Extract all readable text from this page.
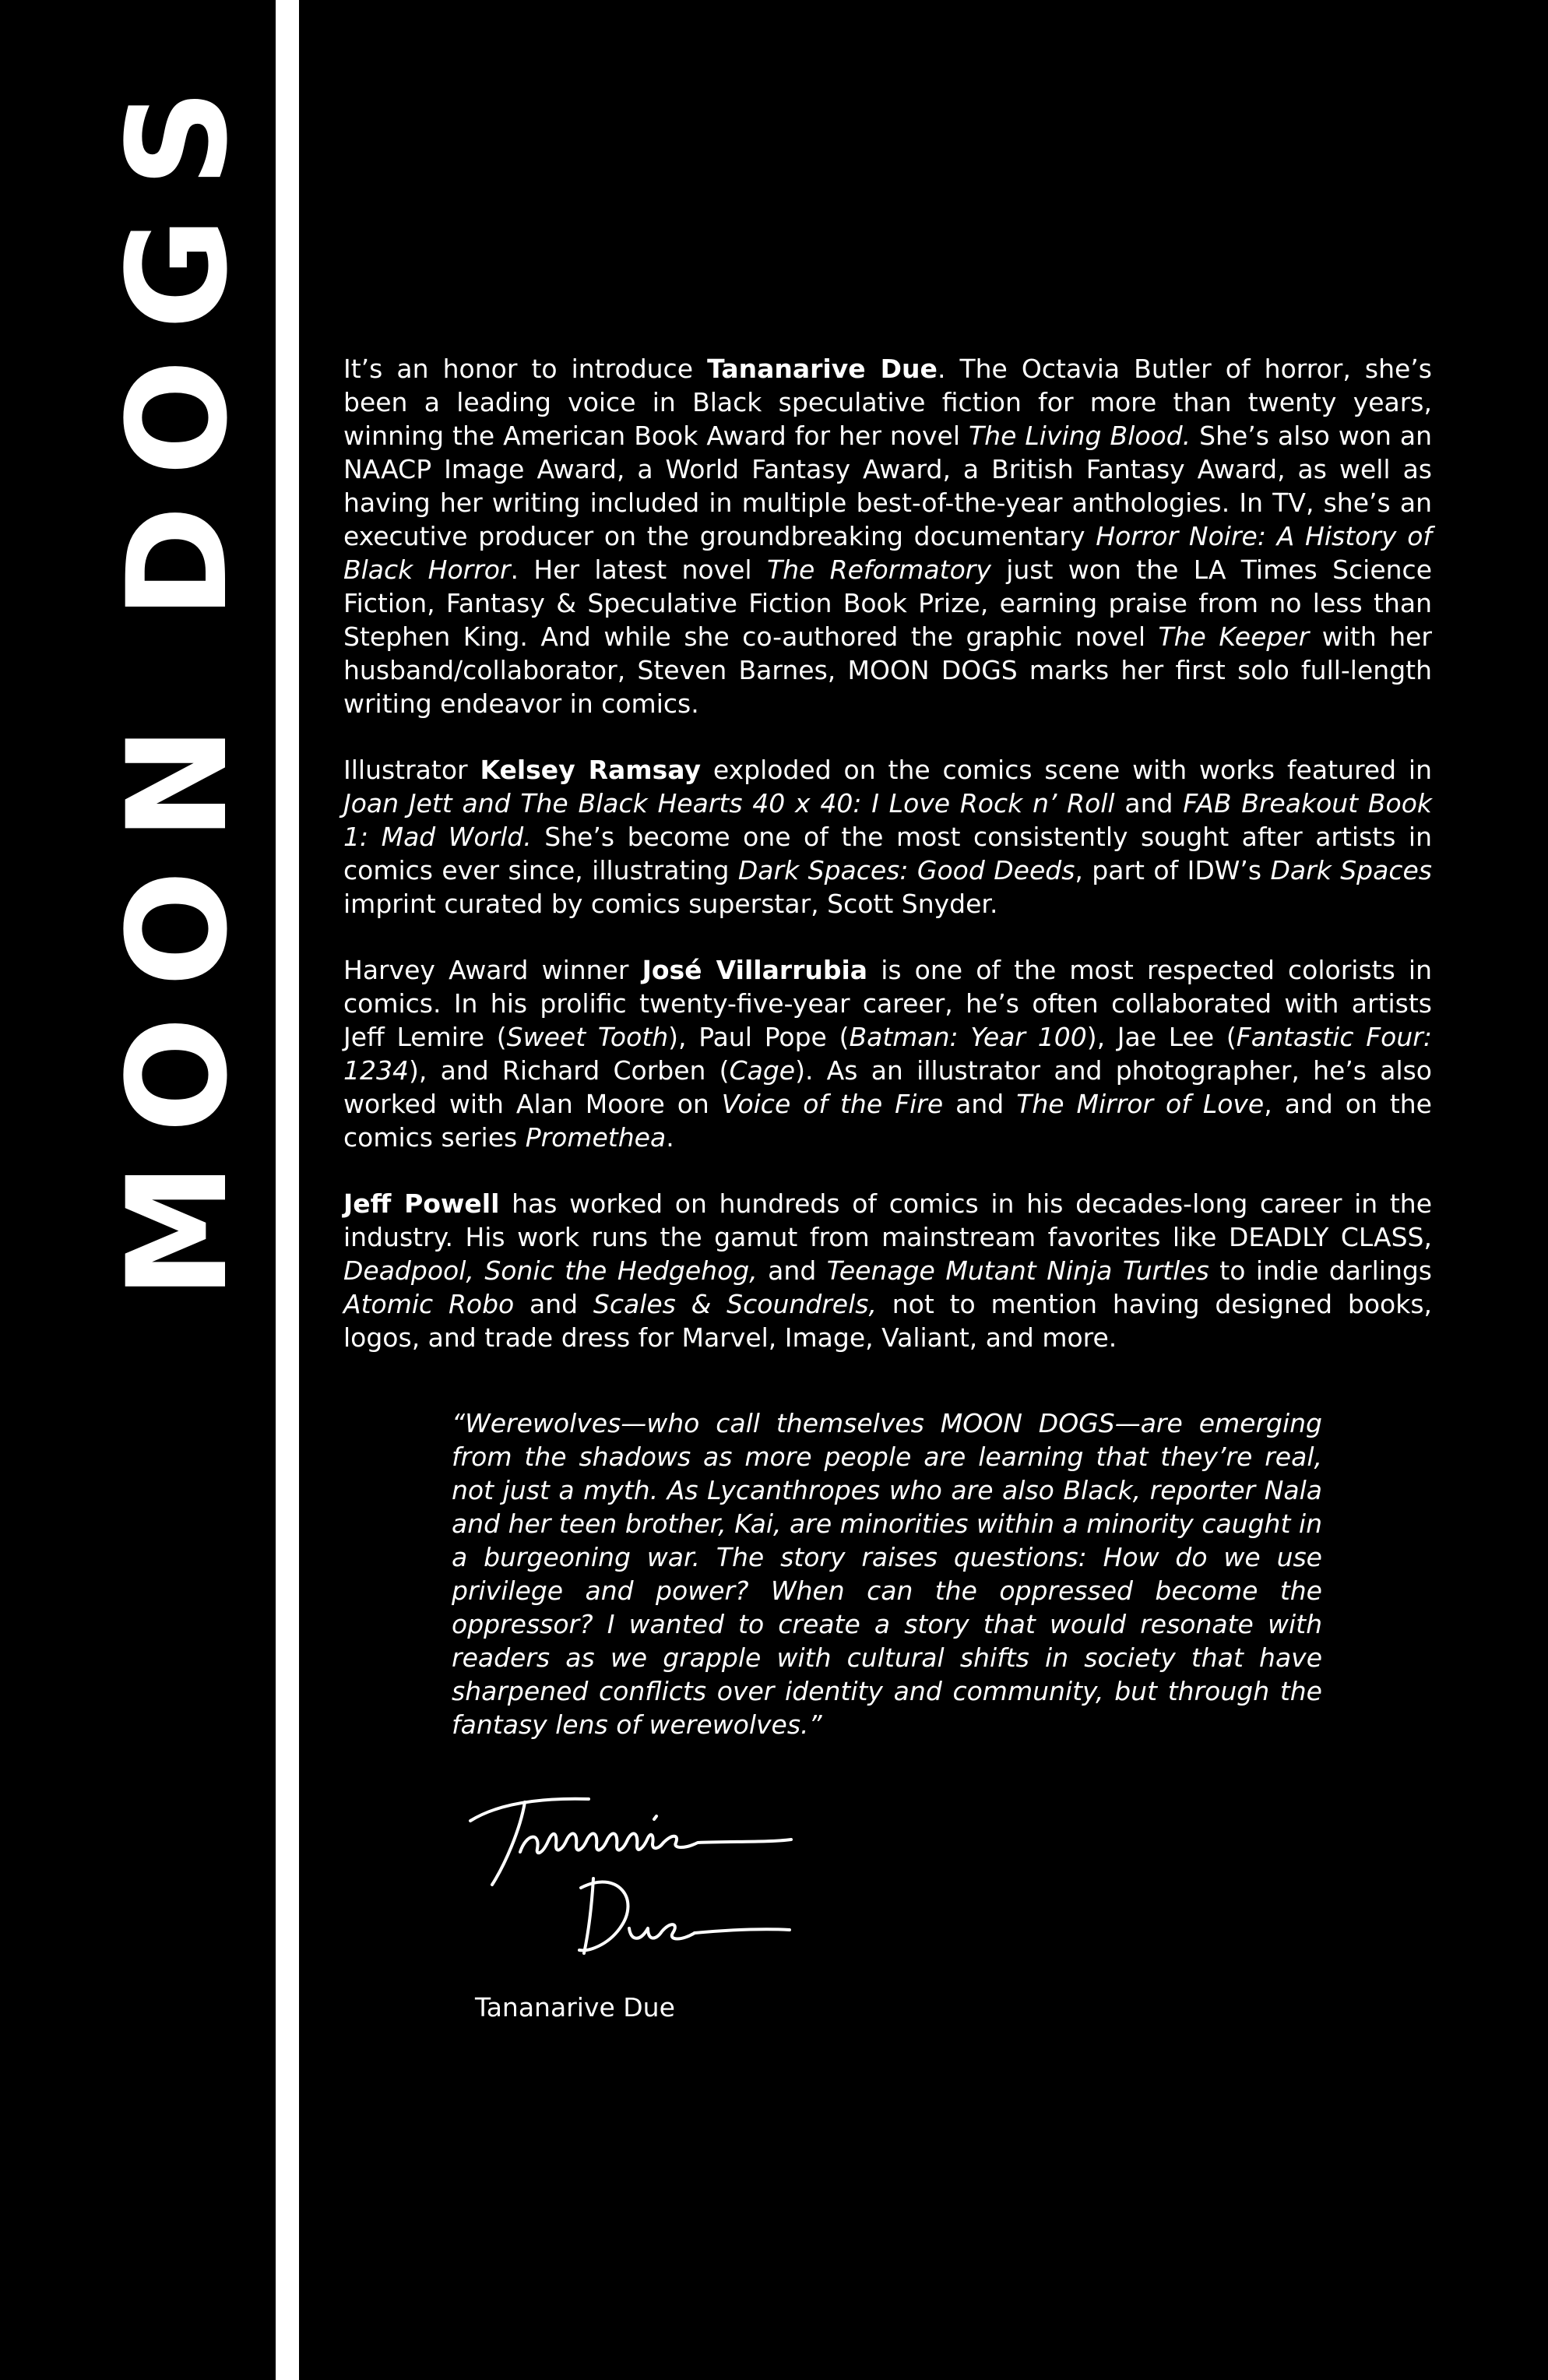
MOON DOGS	It’s an honor to introduce Tananarive Due. The Octavia Butler of horror, she’s been a leading voice in Black speculative fiction for more than twenty years, winning the American Book Award for her novel The Living Blood. She’s also won an NAACP Image Award, a World Fantasy Award, a British Fantasy Award, as well as having her writing included in multiple best-of-the-year anthologies. In TV, she’s an executive producer on the groundbreaking documentary Horror Noire: A History of Black Horror. Her latest novel The Reformatory just won the LA Times Science Fiction, Fantasy & Speculative Fiction Book Prize, earning praise from no less than Stephen King. And while she co-authored the graphic novel The Keeper with her husband/collaborator, Steven Barnes, MOON DOGS marks her first solo full-length writing endeavor in comics.

Illustrator Kelsey Ramsay exploded on the comics scene with works featured in Joan Jett and The Black Hearts 40 x 40: I Love Rock n’ Roll and FAB Breakout Book 1: Mad World. She’s become one of the most consistently sought after artists in comics ever since, illustrating Dark Spaces: Good Deeds, part of IDW’s Dark Spaces imprint curated by comics superstar, Scott Snyder.

Harvey Award winner José Villarrubia is one of the most respected colorists in comics. In his prolific twenty-five-year career, he’s often collaborated with artists Jeff Lemire (Sweet Tooth), Paul Pope (Batman: Year 100), Jae Lee (Fantastic Four: 1234), and Richard Corben (Cage). As an illustrator and photographer, he’s also worked with Alan Moore on Voice of the Fire and The Mirror of Love, and on the comics series Promethea.

Jeff Powell has worked on hundreds of comics in his decades-long career in the industry. His work runs the gamut from mainstream favorites like DEADLY CLASS, Deadpool, Sonic the Hedgehog, and Teenage Mutant Ninja Turtles to indie darlings Atomic Robo and Scales & Scoundrels, not to mention having designed books, logos, and trade dress for Marvel, Image, Valiant, and more.

“Werewolves—who call themselves MOON DOGS—are emerging from the shadows as more people are learning that they’re real, not just a myth. As Lycanthropes who are also Black, reporter Nala and her teen brother, Kai, are minorities within a minority caught in a burgeoning war. The story raises questions: How do we use privilege and power? When can the oppressed become the oppressor? I wanted to create a story that would resonate with readers as we grapple with cultural shifts in society that have sharpened conflicts over identity and community, but through the fantasy lens of werewolves.”
Tananarive Due
